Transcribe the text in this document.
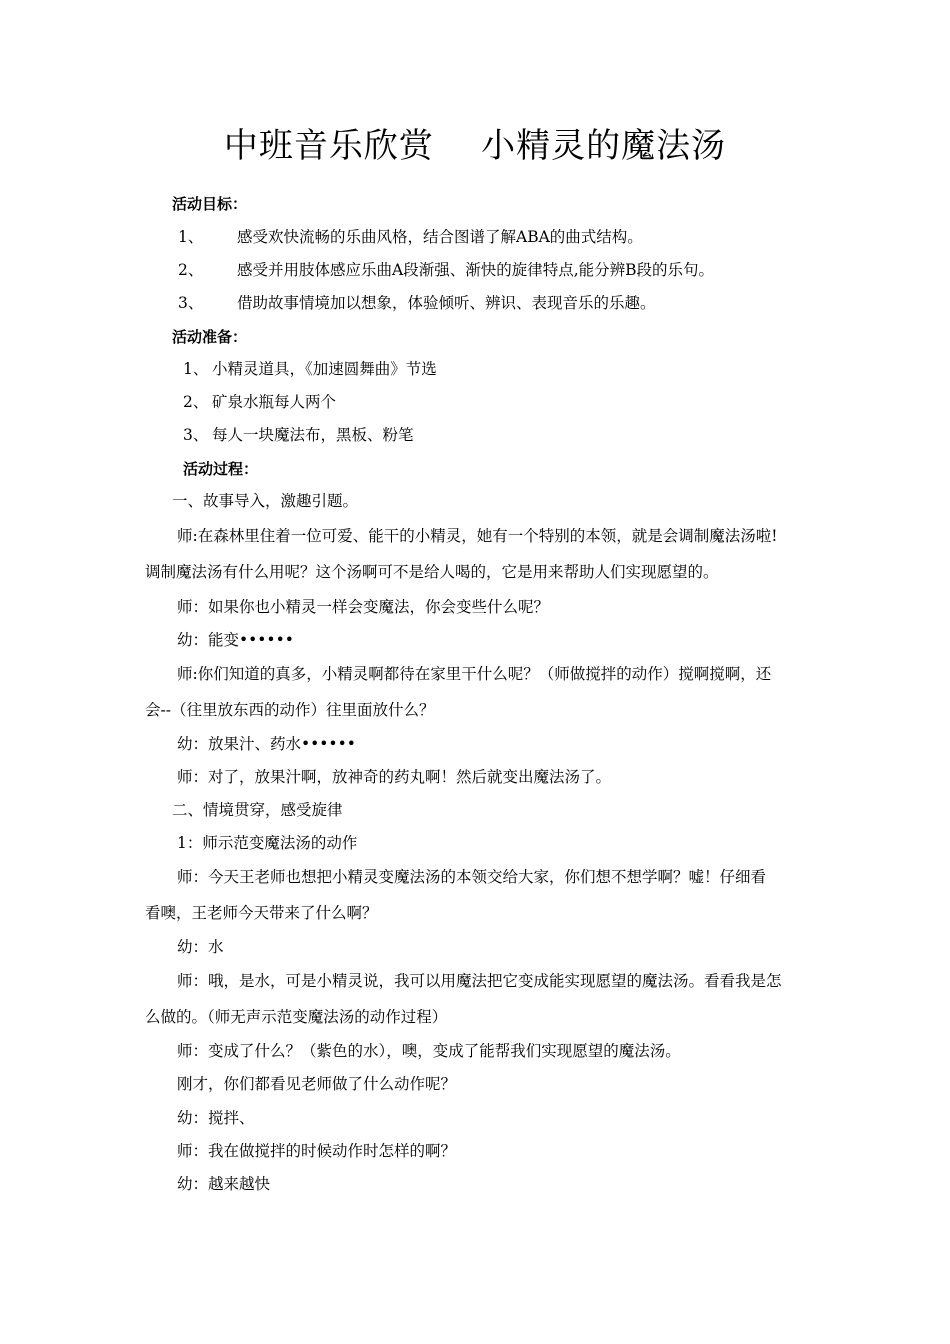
中班音乐欣赏    小精灵的魔法汤
活动目标：
1、 感受欢快流畅的乐曲风格，结合图谱了解ABA的曲式结构。
2、 感受并用肢体感应乐曲A段渐强、渐快的旋律特点,能分辨B段的乐句。
3、 借助故事情境加以想象，体验倾听、辨识、表现音乐的乐趣。
活动准备：
1、 小精灵道具，《加速圆舞曲》节选
2、 矿泉水瓶每人两个
3、 每人一块魔法布，黑板、粉笔
活动过程：
一、故事导入，激趣引题。
师:在森林里住着一位可爱、能干的小精灵，她有一个特别的本领，就是会调制魔法汤啦!
调制魔法汤有什么用呢？这个汤啊可不是给人喝的，它是用来帮助人们实现愿望的。
师：如果你也小精灵一样会变魔法，你会变些什么呢？
幼：能变••••••
师:你们知道的真多，小精灵啊都待在家里干什么呢？（师做搅拌的动作）搅啊搅啊，还
会--（往里放东西的动作）往里面放什么？
幼：放果汁、药水••••••
师：对了，放果汁啊，放神奇的药丸啊！然后就变出魔法汤了。
二、情境贯穿，感受旋律
1：师示范变魔法汤的动作
师：今天王老师也想把小精灵变魔法汤的本领交给大家，你们想不想学啊？嘘！仔细看
看噢，王老师今天带来了什么啊？
幼：水
师：哦，是水，可是小精灵说，我可以用魔法把它变成能实现愿望的魔法汤。看看我是怎
么做的。（师无声示范变魔法汤的动作过程）
师：变成了什么？（紫色的水），噢，变成了能帮我们实现愿望的魔法汤。
刚才，你们都看见老师做了什么动作呢？
幼：搅拌、
师：我在做搅拌的时候动作时怎样的啊？
幼：越来越快
